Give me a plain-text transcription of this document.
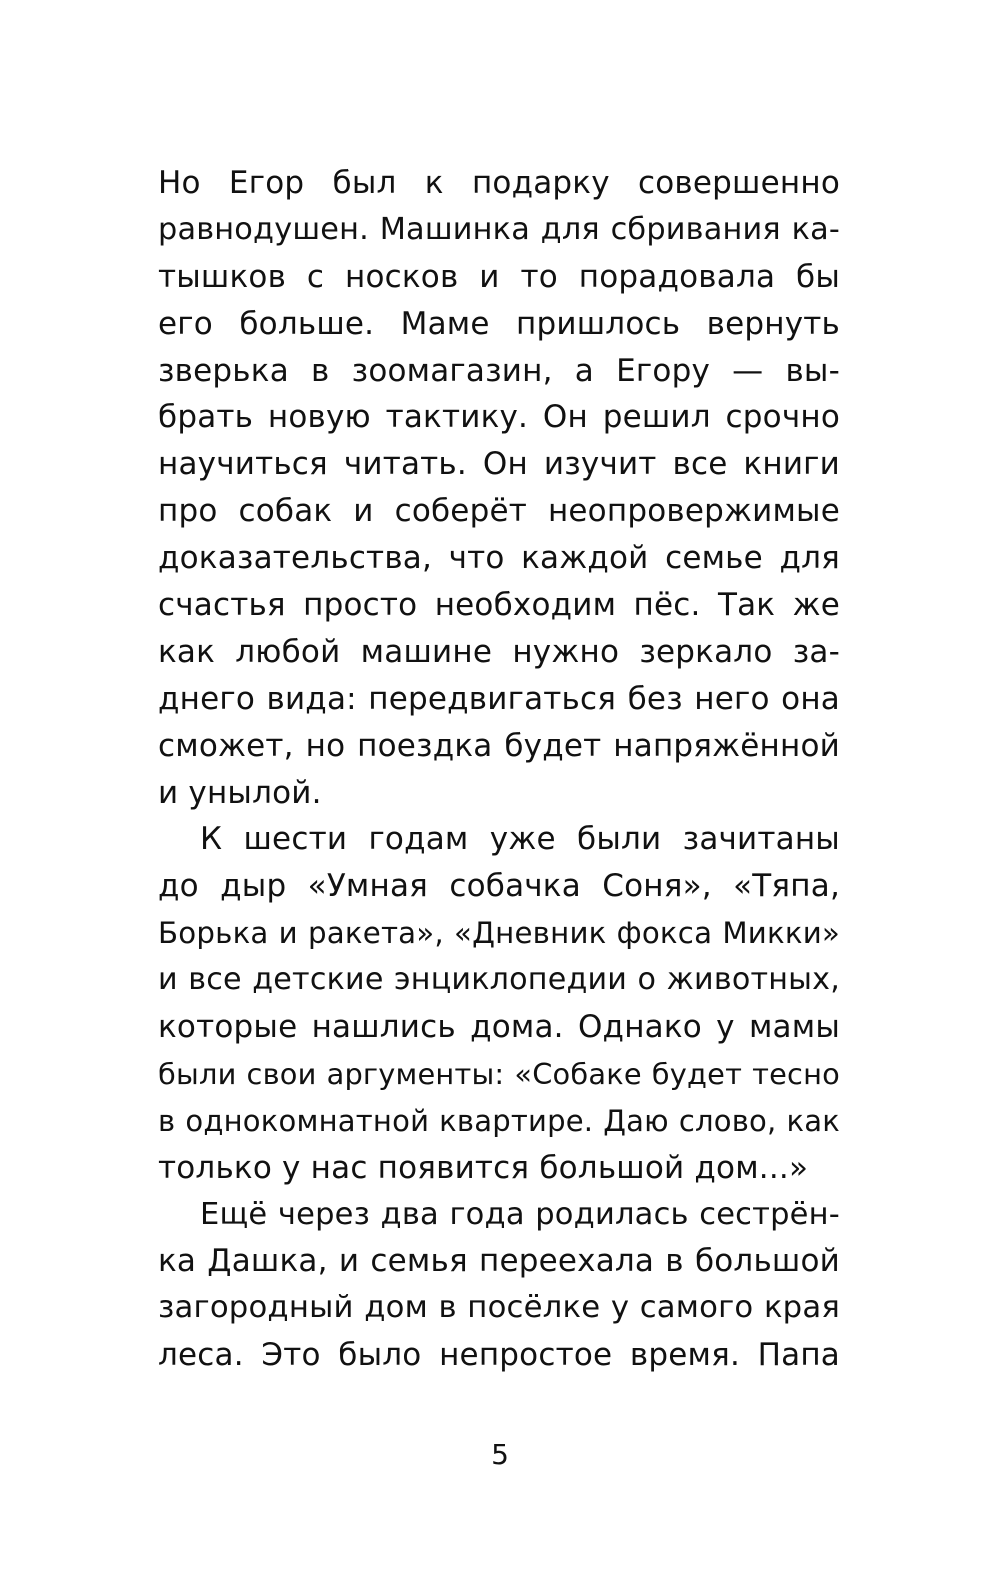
Но Егор был к подарку совершенно
равнодушен. Машинка для сбривания ка-
тышков с носков и то порадовала бы
его больше. Маме пришлось вернуть
зверька в зоомагазин, а Егору — вы-
брать новую тактику. Он решил срочно
научиться читать. Он изучит все книги
про собак и соберёт неопровержимые
доказательства, что каждой семье для
счастья просто необходим пёс. Так же
как любой машине нужно зеркало за-
днего вида: передвигаться без него она
сможет, но поездка будет напряжённой
и унылой.
К шести годам уже были зачитаны
до дыр «Умная собачка Соня», «Тяпа,
Борька и ракета», «Дневник фокса Микки»
и все детские энциклопедии о животных,
которые нашлись дома. Однако у мамы
были свои аргументы: «Собаке будет тесно
в однокомнатной квартире. Даю слово, как
только у нас появится большой дом...»
Ещё через два года родилась сестрён-
ка Дашка, и семья переехала в большой
загородный дом в посёлке у самого края
леса. Это было непростое время. Папа
5
